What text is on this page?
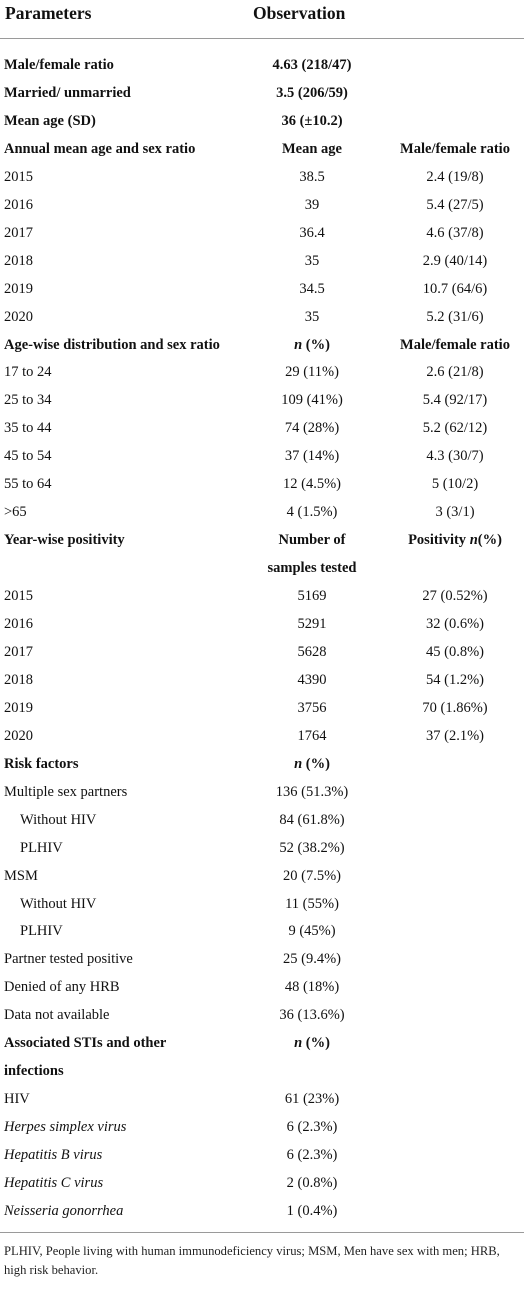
Parameters	Observation
Male/female ratio	4.63 (218/47)
Married/ unmarried	3.5 (206/59)
Mean age (SD)	36 (±10.2)
Annual mean age and sex ratio	Mean age	Male/female ratio
2015	38.5	2.4 (19/8)
2016	39	5.4 (27/5)
2017	36.4	4.6 (37/8)
2018	35	2.9 (40/14)
2019	34.5	10.7 (64/6)
2020	35	5.2 (31/6)
Age-wise distribution and sex ratio	n (%)	Male/female ratio
17 to 24	29 (11%)	2.6 (21/8)
25 to 34	109 (41%)	5.4 (92/17)
35 to 44	74 (28%)	5.2 (62/12)
45 to 54	37 (14%)	4.3 (30/7)
55 to 64	12 (4.5%)	5 (10/2)
>65	4 (1.5%)	3 (3/1)
Year-wise positivity	Number of	Positivity n(%)
samples tested
2015	5169	27 (0.52%)
2016	5291	32 (0.6%)
2017	5628	45 (0.8%)
2018	4390	54 (1.2%)
2019	3756	70 (1.86%)
2020	1764	37 (2.1%)
Risk factors	n (%)
Multiple sex partners	136 (51.3%)
Without HIV	84 (61.8%)
PLHIV	52 (38.2%)
MSM	20 (7.5%)
Without HIV	11 (55%)
PLHIV	9 (45%)
Partner tested positive	25 (9.4%)
Denied of any HRB	48 (18%)
Data not available	36 (13.6%)
Associated STIs and other	n (%)
infections
HIV	61 (23%)
Herpes simplex virus	6 (2.3%)
Hepatitis B virus	6 (2.3%)
Hepatitis C virus	2 (0.8%)
Neisseria gonorrhea	1 (0.4%)
PLHIV, People living with human immunodeficiency virus; MSM, Men have sex with men; HRB, high risk behavior.
